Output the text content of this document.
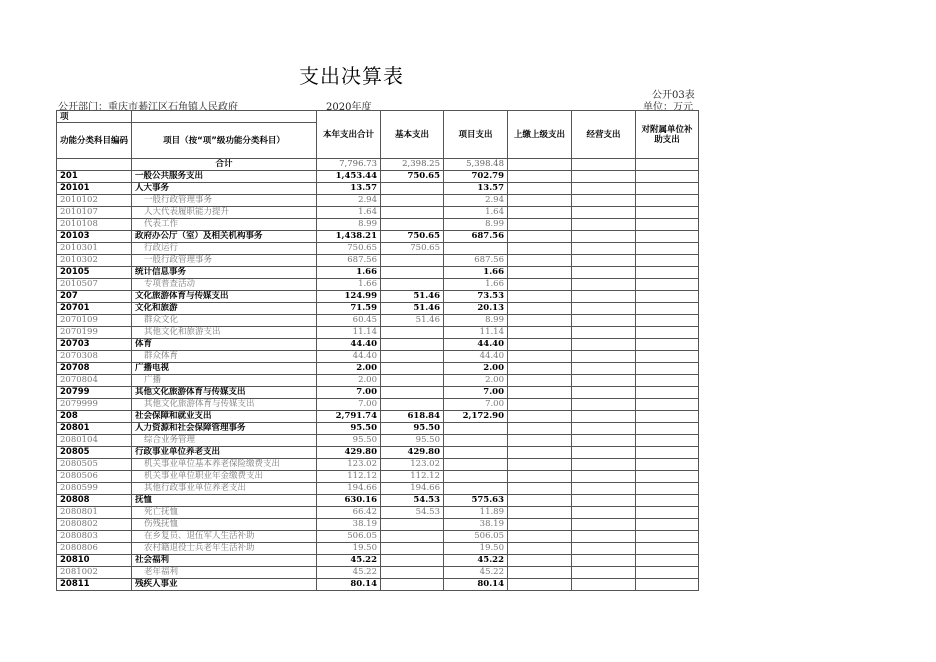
支出决算表
公开03表
公开部门：重庆市綦江区石角镇人民政府	2020年度	单位：万元
项		本年支出合计	基本支出	项目支出	上缴上级支出	经营支出	对附属单位补助支出
功能分类科目编码	项目（按“项”级功能分类科目）						
	合计	7,796.73	2,398.25	5,398.48			
201	一般公共服务支出	1,453.44	750.65	702.79			
20101	人大事务	13.57		13.57			
2010102	一般行政管理事务	2.94		2.94			
2010107	人大代表履职能力提升	1.64		1.64			
2010108	代表工作	8.99		8.99			
20103	政府办公厅（室）及相关机构事务	1,438.21	750.65	687.56			
2010301	行政运行	750.65	750.65				
2010302	一般行政管理事务	687.56		687.56			
20105	统计信息事务	1.66		1.66			
2010507	专项普查活动	1.66		1.66			
207	文化旅游体育与传媒支出	124.99	51.46	73.53			
20701	文化和旅游	71.59	51.46	20.13			
2070109	群众文化	60.45	51.46	8.99			
2070199	其他文化和旅游支出	11.14		11.14			
20703	体育	44.40		44.40			
2070308	群众体育	44.40		44.40			
20708	广播电视	2.00		2.00			
2070804	广播	2.00		2.00			
20799	其他文化旅游体育与传媒支出	7.00		7.00			
2079999	其他文化旅游体育与传媒支出	7.00		7.00			
208	社会保障和就业支出	2,791.74	618.84	2,172.90			
20801	人力资源和社会保障管理事务	95.50	95.50				
2080104	综合业务管理	95.50	95.50				
20805	行政事业单位养老支出	429.80	429.80				
2080505	机关事业单位基本养老保险缴费支出	123.02	123.02				
2080506	机关事业单位职业年金缴费支出	112.12	112.12				
2080599	其他行政事业单位养老支出	194.66	194.66				
20808	抚恤	630.16	54.53	575.63			
2080801	死亡抚恤	66.42	54.53	11.89			
2080802	伤残抚恤	38.19		38.19			
2080803	在乡复员、退伍军人生活补助	506.05		506.05			
2080806	农村籍退役士兵老年生活补助	19.50		19.50			
20810	社会福利	45.22		45.22			
2081002	老年福利	45.22		45.22			
20811	残疾人事业	80.14		80.14			
